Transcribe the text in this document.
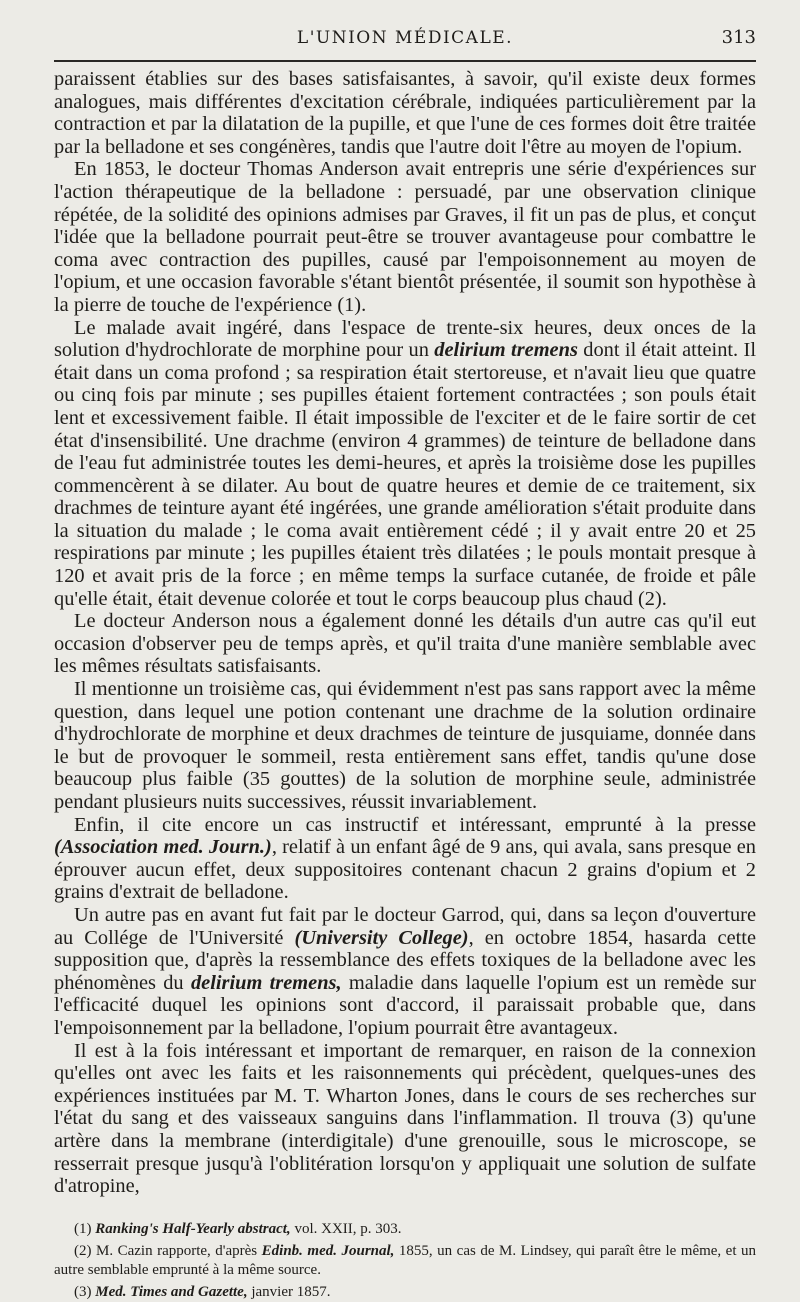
L'UNION MÉDICALE.	313

paraissent établies sur des bases satisfaisantes, à savoir, qu'il existe deux formes analogues, mais différentes d'excitation cérébrale, indiquées particulièrement par la contraction et par la dilatation de la pupille, et que l'une de ces formes doit être traitée par la belladone et ses congénères, tandis que l'autre doit l'être au moyen de l'opium.

En 1853, le docteur Thomas Anderson avait entrepris une série d'expériences sur l'action thérapeutique de la belladone : persuadé, par une observation clinique répétée, de la solidité des opinions admises par Graves, il fit un pas de plus, et conçut l'idée que la belladone pourrait peut-être se trouver avantageuse pour combattre le coma avec contraction des pupilles, causé par l'empoisonnement au moyen de l'opium, et une occasion favorable s'étant bientôt présentée, il soumit son hypothèse à la pierre de touche de l'expérience (1).

Le malade avait ingéré, dans l'espace de trente-six heures, deux onces de la solution d'hydrochlorate de morphine pour un delirium tremens dont il était atteint. Il était dans un coma profond ; sa respiration était stertoreuse, et n'avait lieu que quatre ou cinq fois par minute ; ses pupilles étaient fortement contractées ; son pouls était lent et excessivement faible. Il était impossible de l'exciter et de le faire sortir de cet état d'insensibilité. Une drachme (environ 4 grammes) de teinture de belladone dans de l'eau fut administrée toutes les demi-heures, et après la troisième dose les pupilles commencèrent à se dilater. Au bout de quatre heures et demie de ce traitement, six drachmes de teinture ayant été ingérées, une grande amélioration s'était produite dans la situation du malade ; le coma avait entièrement cédé ; il y avait entre 20 et 25 respirations par minute ; les pupilles étaient très dilatées ; le pouls montait presque à 120 et avait pris de la force ; en même temps la surface cutanée, de froide et pâle qu'elle était, était devenue colorée et tout le corps beaucoup plus chaud (2).

Le docteur Anderson nous a également donné les détails d'un autre cas qu'il eut occasion d'observer peu de temps après, et qu'il traita d'une manière semblable avec les mêmes résultats satisfaisants.

Il mentionne un troisième cas, qui évidemment n'est pas sans rapport avec la même question, dans lequel une potion contenant une drachme de la solution ordinaire d'hydrochlorate de morphine et deux drachmes de teinture de jusquiame, donnée dans le but de provoquer le sommeil, resta entièrement sans effet, tandis qu'une dose beaucoup plus faible (35 gouttes) de la solution de morphine seule, administrée pendant plusieurs nuits successives, réussit invariablement.

Enfin, il cite encore un cas instructif et intéressant, emprunté à la presse (Association med. Journ.), relatif à un enfant âgé de 9 ans, qui avala, sans presque en éprouver aucun effet, deux suppositoires contenant chacun 2 grains d'opium et 2 grains d'extrait de belladone.

Un autre pas en avant fut fait par le docteur Garrod, qui, dans sa leçon d'ouverture au Collége de l'Université (University College), en octobre 1854, hasarda cette supposition que, d'après la ressemblance des effets toxiques de la belladone avec les phénomènes du delirium tremens, maladie dans laquelle l'opium est un remède sur l'efficacité duquel les opinions sont d'accord, il paraissait probable que, dans l'empoisonnement par la belladone, l'opium pourrait être avantageux.

Il est à la fois intéressant et important de remarquer, en raison de la connexion qu'elles ont avec les faits et les raisonnements qui précèdent, quelques-unes des expériences instituées par M. T. Wharton Jones, dans le cours de ses recherches sur l'état du sang et des vaisseaux sanguins dans l'inflammation. Il trouva (3) qu'une artère dans la membrane (interdigitale) d'une grenouille, sous le microscope, se resserrait presque jusqu'à l'oblitération lorsqu'on y appliquait une solution de sulfate d'atropine,

(1) Ranking's Half-Yearly abstract, vol. XXII, p. 303.

(2) M. Cazin rapporte, d'après Edinb. med. Journal, 1855, un cas de M. Lindsey, qui paraît être le même, et un autre semblable emprunté à la même source.

(3) Med. Times and Gazette, janvier 1857.
